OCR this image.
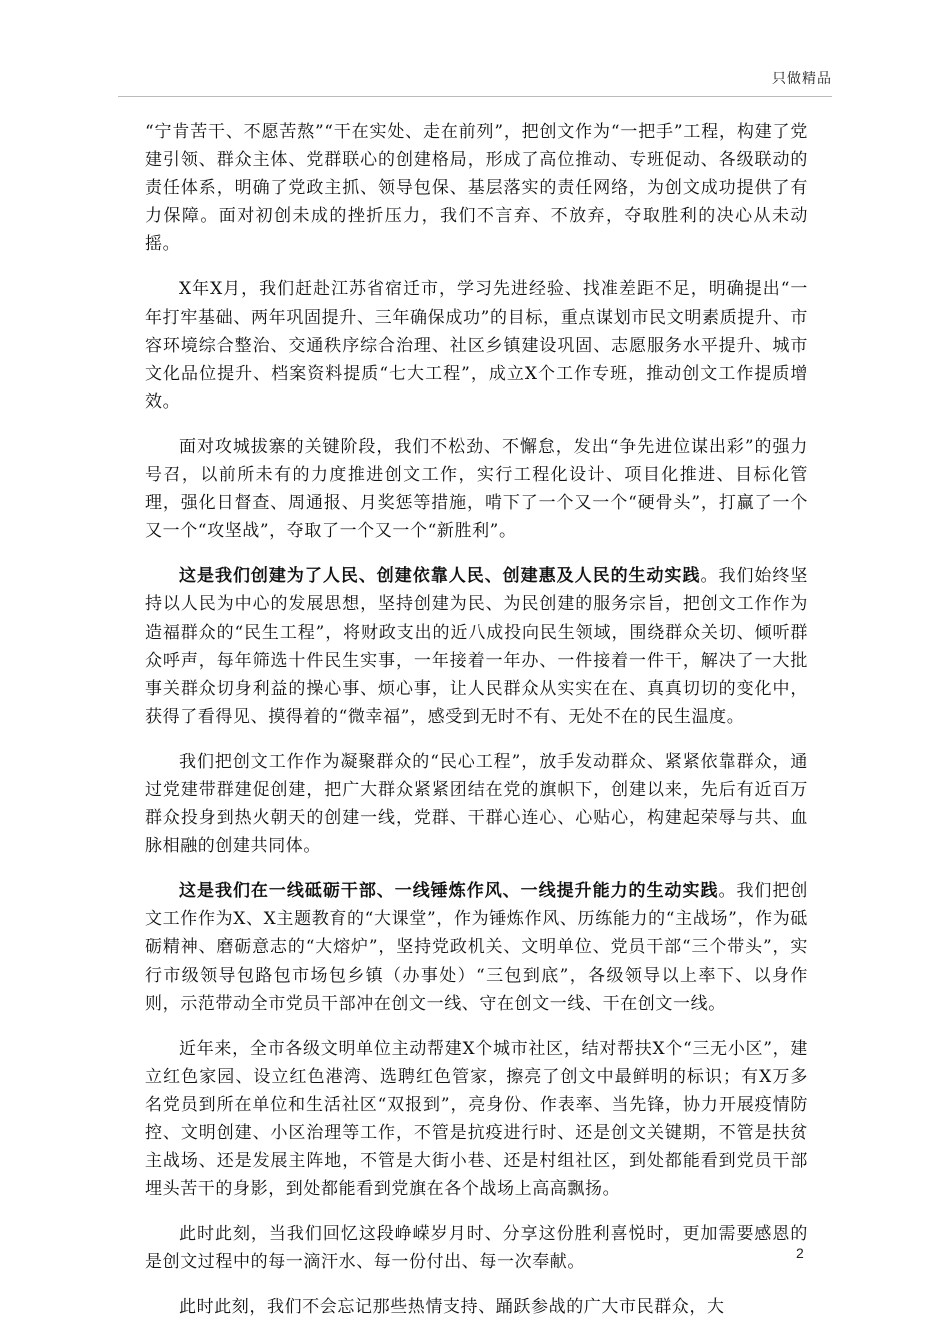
只做精品

“宁肯苦干、不愿苦熬”“干在实处、走在前列”，把创文作为“一把手”工程，构建了党建引领、群众主体、党群联心的创建格局，形成了高位推动、专班促动、各级联动的责任体系，明确了党政主抓、领导包保、基层落实的责任网络，为创文成功提供了有力保障。面对初创未成的挫折压力，我们不言弃、不放弃，夺取胜利的决心从未动摇。

X年X月，我们赶赴江苏省宿迁市，学习先进经验、找准差距不足，明确提出“一年打牢基础、两年巩固提升、三年确保成功”的目标，重点谋划市民文明素质提升、市容环境综合整治、交通秩序综合治理、社区乡镇建设巩固、志愿服务水平提升、城市文化品位提升、档案资料提质“七大工程”，成立X个工作专班，推动创文工作提质增效。

面对攻城拔寨的关键阶段，我们不松劲、不懈怠，发出“争先进位谋出彩”的强力号召，以前所未有的力度推进创文工作，实行工程化设计、项目化推进、目标化管理，强化日督查、周通报、月奖惩等措施，啃下了一个又一个“硬骨头”，打赢了一个又一个“攻坚战”，夺取了一个又一个“新胜利”。

这是我们创建为了人民、创建依靠人民、创建惠及人民的生动实践。我们始终坚持以人民为中心的发展思想，坚持创建为民、为民创建的服务宗旨，把创文工作作为造福群众的“民生工程”，将财政支出的近八成投向民生领域，围绕群众关切、倾听群众呼声，每年筛选十件民生实事，一年接着一年办、一件接着一件干，解决了一大批事关群众切身利益的操心事、烦心事，让人民群众从实实在在、真真切切的变化中，获得了看得见、摸得着的“微幸福”，感受到无时不有、无处不在的民生温度。

我们把创文工作作为凝聚群众的“民心工程”，放手发动群众、紧紧依靠群众，通过党建带群建促创建，把广大群众紧紧团结在党的旗帜下，创建以来，先后有近百万群众投身到热火朝天的创建一线，党群、干群心连心、心贴心，构建起荣辱与共、血脉相融的创建共同体。

这是我们在一线砥砺干部、一线锤炼作风、一线提升能力的生动实践。我们把创文工作作为X、X主题教育的“大课堂”，作为锤炼作风、历练能力的“主战场”，作为砥砺精神、磨砺意志的“大熔炉”，坚持党政机关、文明单位、党员干部“三个带头”，实行市级领导包路包市场包乡镇（办事处）“三包到底”，各级领导以上率下、以身作则，示范带动全市党员干部冲在创文一线、守在创文一线、干在创文一线。

近年来，全市各级文明单位主动帮建X个城市社区，结对帮扶X个“三无小区”，建立红色家园、设立红色港湾、选聘红色管家，擦亮了创文中最鲜明的标识；有X万多名党员到所在单位和生活社区“双报到”，亮身份、作表率、当先锋，协力开展疫情防控、文明创建、小区治理等工作，不管是抗疫进行时、还是创文关键期，不管是扶贫主战场、还是发展主阵地，不管是大街小巷、还是村组社区，到处都能看到党员干部埋头苦干的身影，到处都能看到党旗在各个战场上高高飘扬。

此时此刻，当我们回忆这段峥嵘岁月时、分享这份胜利喜悦时，更加需要感恩的是创文过程中的每一滴汗水、每一份付出、每一次奉献。

此时此刻，我们不会忘记那些热情支持、踊跃参战的广大市民群众，大

2
